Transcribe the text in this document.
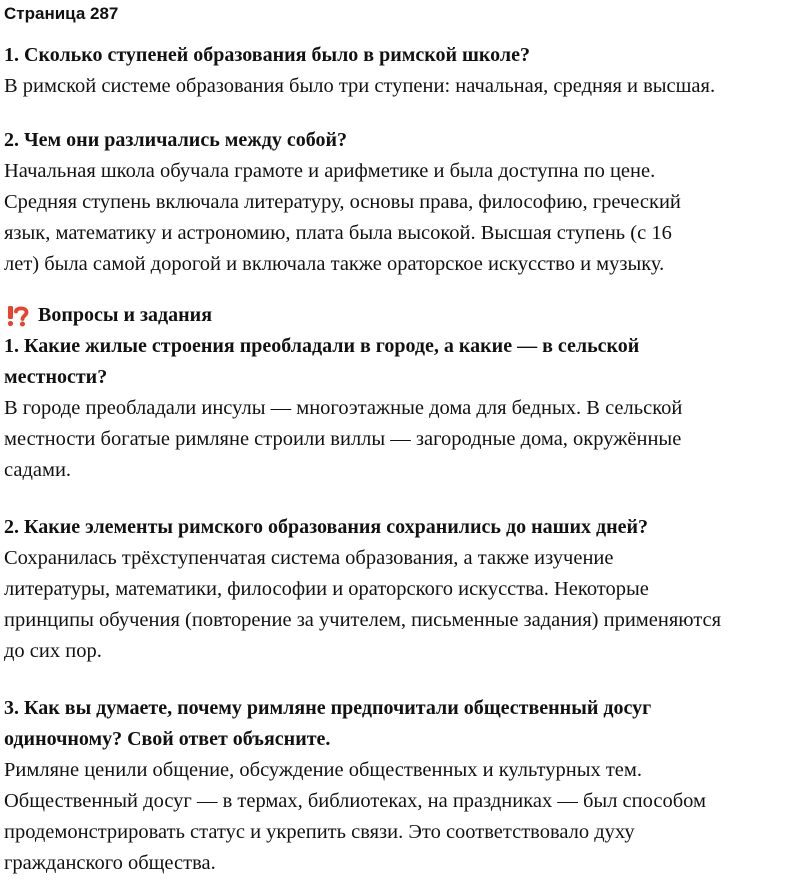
Страница 287

1. Сколько ступеней образования было в римской школе?

В римской системе образования было три ступени: начальная, средняя и высшая.

2. Чем они различались между собой?

Начальная школа обучала грамоте и арифметике и была доступна по цене.

Средняя ступень включала литературу, основы права, философию, греческий

язык, математику и астрономию, плата была высокой. Высшая ступень (с 16

лет) была самой дорогой и включала также ораторское искусство и музыку.

Вопросы и задания

1. Какие жилые строения преобладали в городе, а какие — в сельской

местности?

В городе преобладали инсулы — многоэтажные дома для бедных. В сельской

местности богатые римляне строили виллы — загородные дома, окружённые

садами.

2. Какие элементы римского образования сохранились до наших дней?

Сохранилась трёхступенчатая система образования, а также изучение

литературы, математики, философии и ораторского искусства. Некоторые

принципы обучения (повторение за учителем, письменные задания) применяются

до сих пор.

3. Как вы думаете, почему римляне предпочитали общественный досуг

одиночному? Свой ответ объясните.

Римляне ценили общение, обсуждение общественных и культурных тем.

Общественный досуг — в термах, библиотеках, на праздниках — был способом

продемонстрировать статус и укрепить связи. Это соответствовало духу

гражданского общества.
